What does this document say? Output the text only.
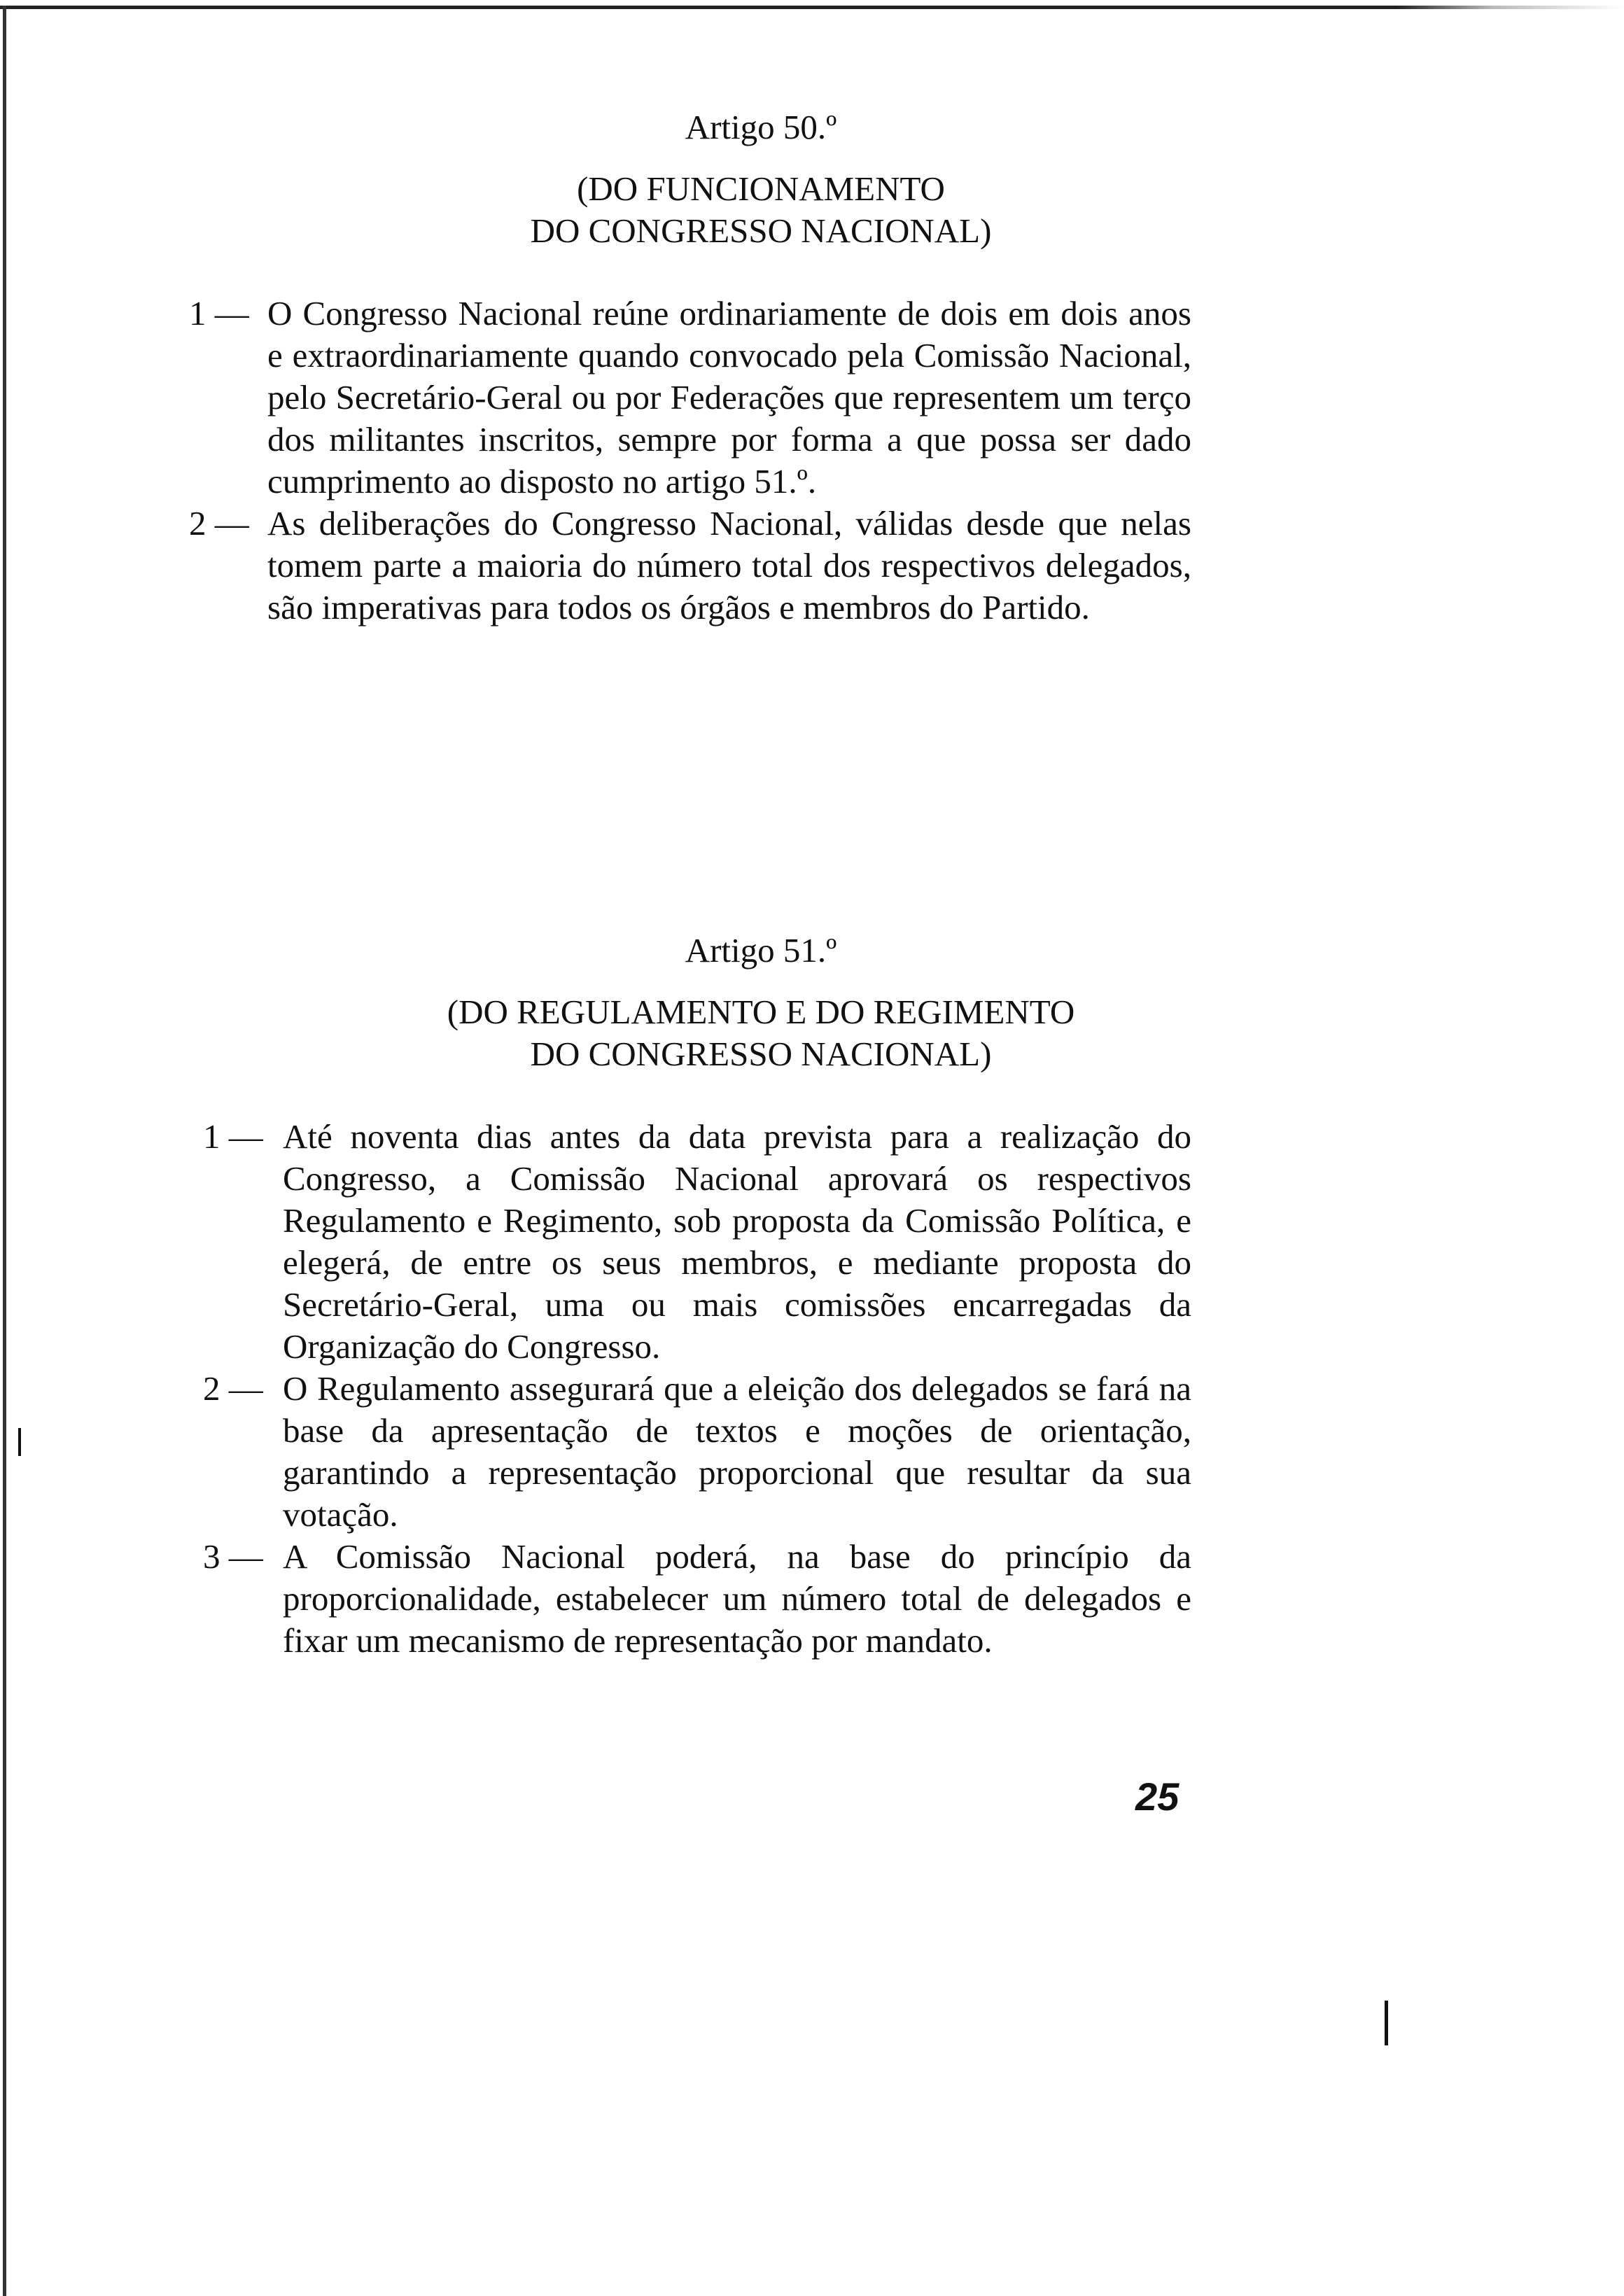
Artigo 50.º

(DO FUNCIONAMENTO

DO CONGRESSO NACIONAL)

1 — O Congresso Nacional reúne ordinariamente de dois em dois anos e extraordinariamente quando convocado pela Comissão Nacional, pelo Secretário-Geral ou por Federações que representem um terço dos militantes inscritos, sempre por forma a que possa ser dado cumprimento ao disposto no artigo 51.º.

2 — As deliberações do Congresso Nacional, válidas desde que nelas tomem parte a maioria do número total dos respectivos delegados, são imperativas para todos os órgãos e membros do Partido.

Artigo 51.º

(DO REGULAMENTO E DO REGIMENTO

DO CONGRESSO NACIONAL)

1 — Até noventa dias antes da data prevista para a realização do Congresso, a Comissão Nacional aprovará os respectivos Regulamento e Regimento, sob proposta da Comissão Política, e elegerá, de entre os seus membros, e mediante proposta do Secretário-Geral, uma ou mais comissões encarregadas da Organização do Congresso.

2 — O Regulamento assegurará que a eleição dos delegados se fará na base da apresentação de textos e moções de orientação, garantindo a representação proporcional que resultar da sua votação.

3 — A Comissão Nacional poderá, na base do princípio da proporcionalidade, estabelecer um número total de delegados e fixar um mecanismo de representação por mandato.

25
